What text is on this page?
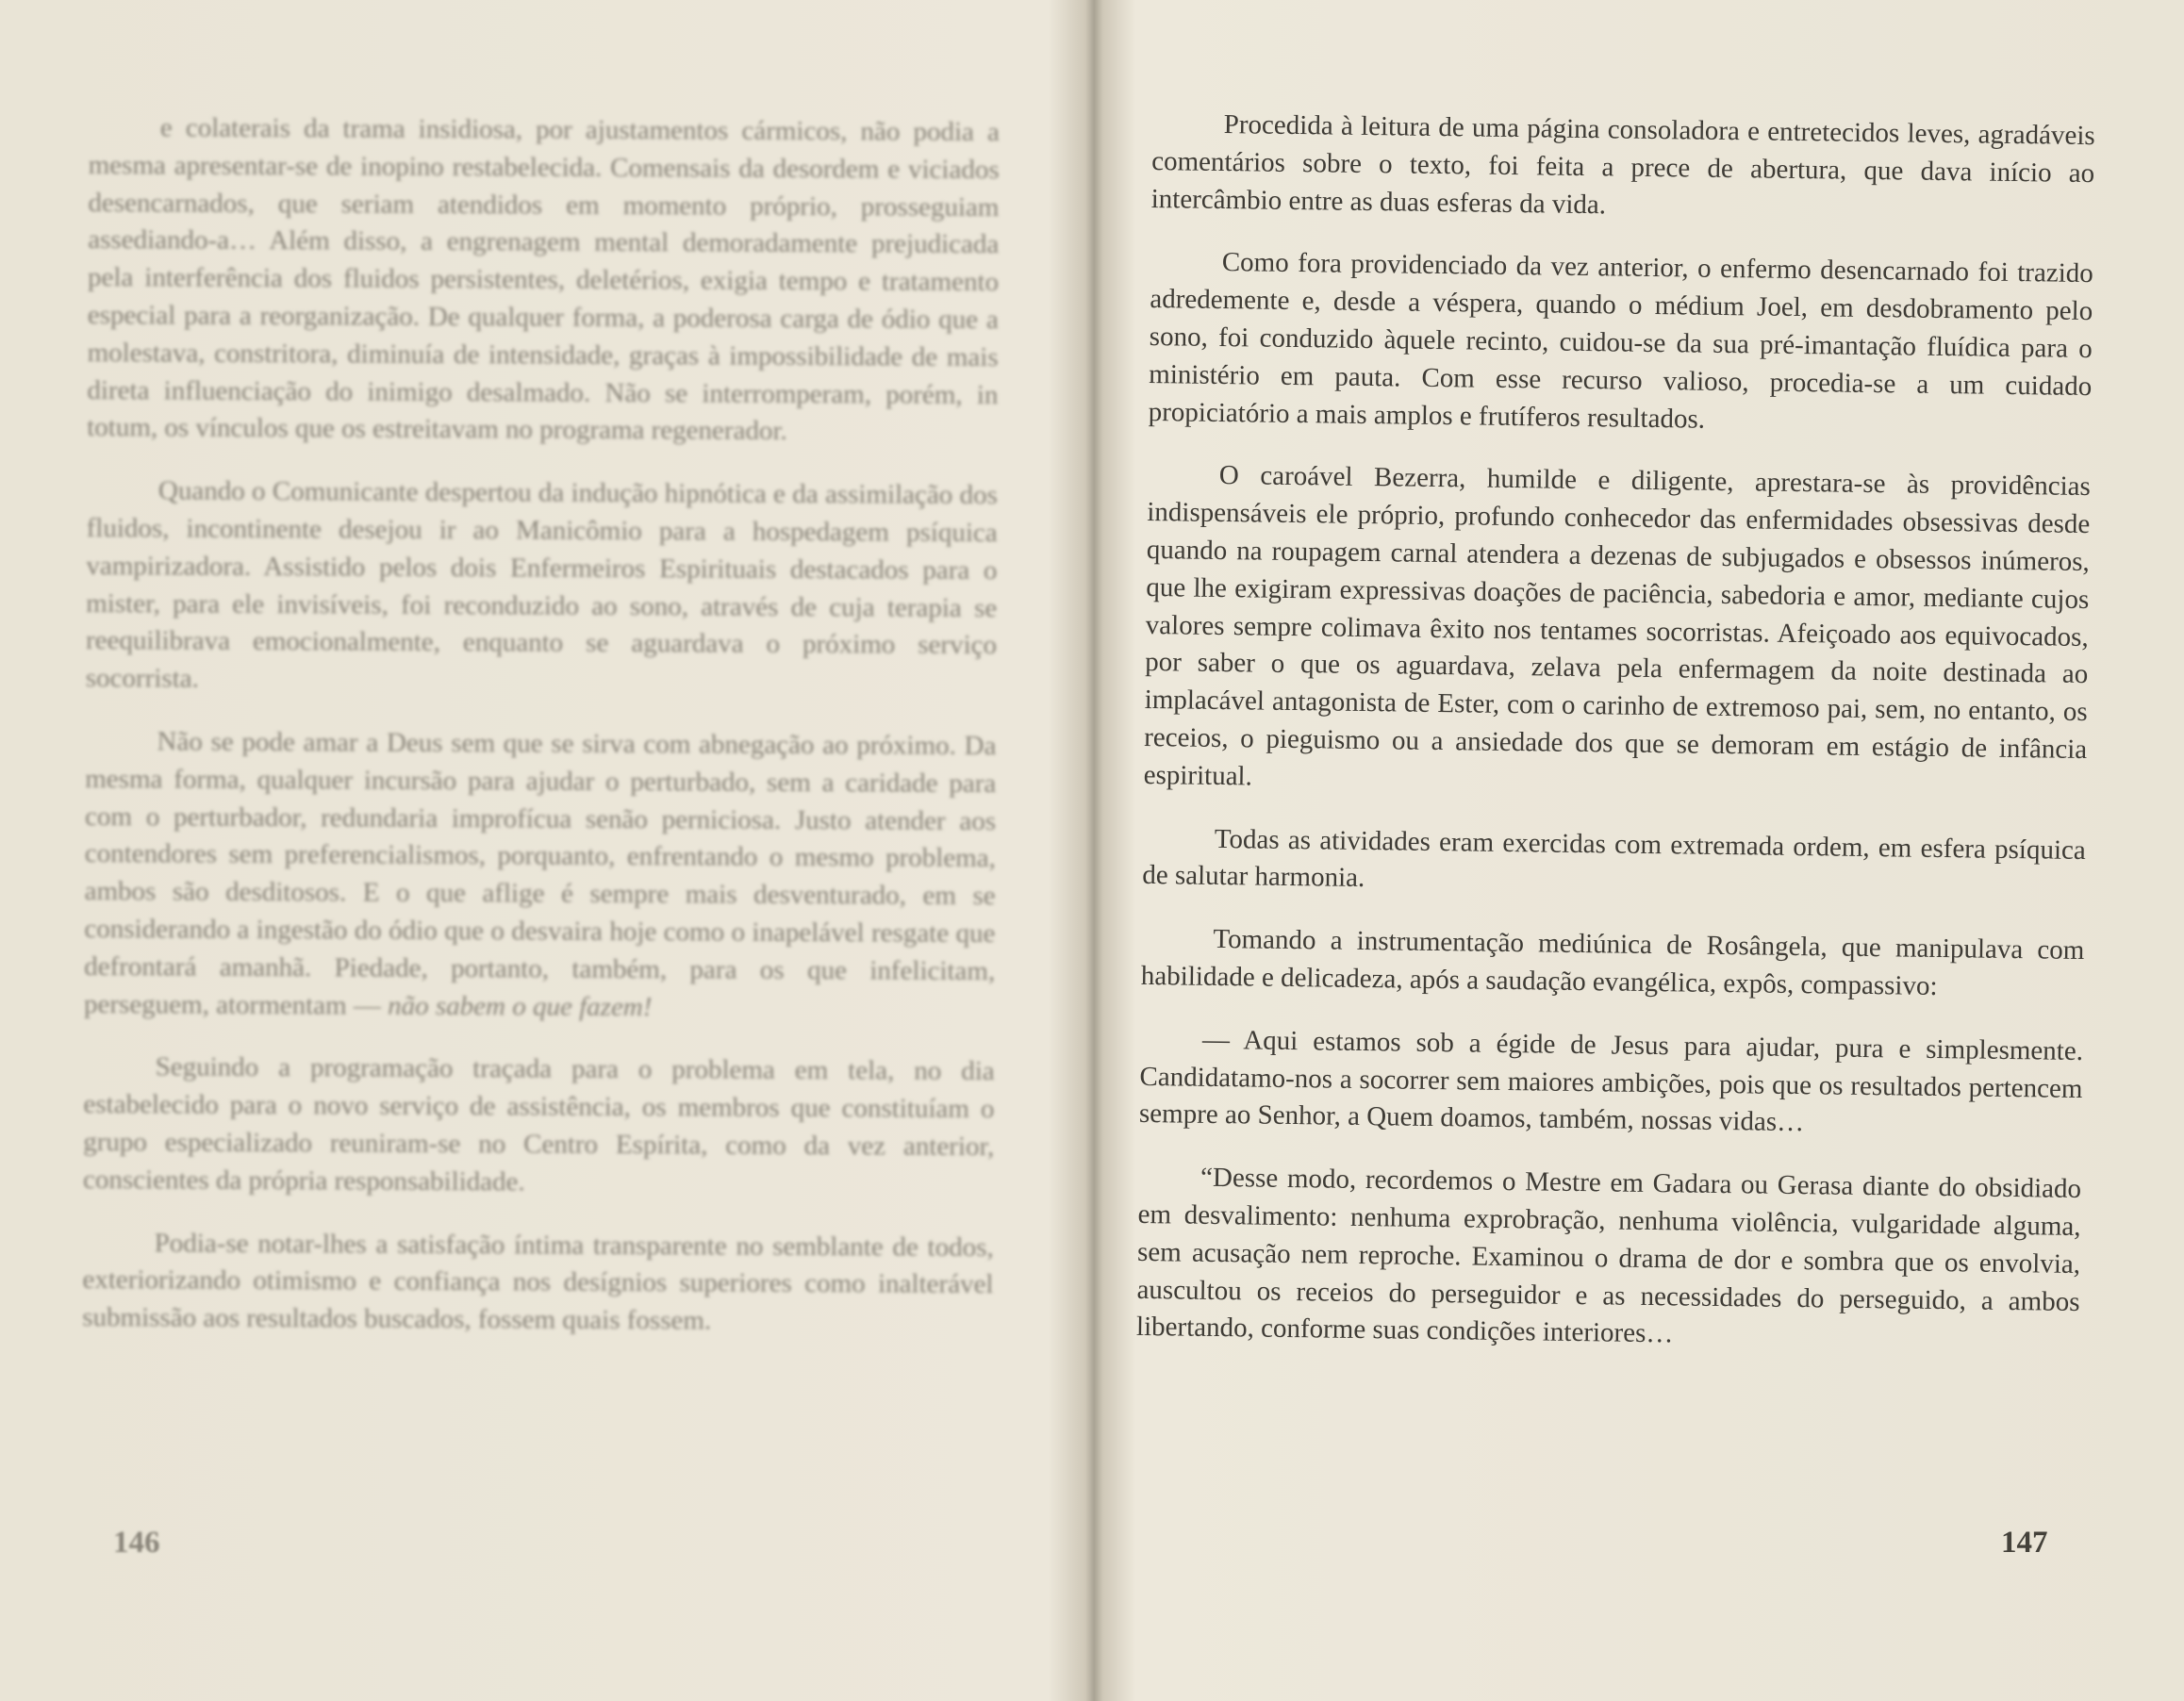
e colaterais da trama insidiosa, por ajustamentos cármicos, não podia a mesma apresentar-se de inopino restabelecida. Comensais da desordem e viciados desencarnados, que seriam atendidos em momento próprio, prosseguiam assediando-a… Além disso, a engrenagem mental demoradamente prejudicada pela interferência dos fluidos persistentes, deletérios, exigia tempo e tratamento especial para a reorganização. De qualquer forma, a poderosa carga de ódio que a molestava, constritora, diminuía de intensidade, graças à impossibilidade de mais direta influenciação do inimigo desalmado. Não se interromperam, porém, in totum, os vínculos que os estreitavam no programa regenerador.

Quando o Comunicante despertou da indução hipnótica e da assimilação dos fluidos, incontinente desejou ir ao Manicômio para a hospedagem psíquica vampirizadora. Assistido pelos dois Enfermeiros Espirituais destacados para o mister, para ele invisíveis, foi reconduzido ao sono, através de cuja terapia se reequilibrava emocionalmente, enquanto se aguardava o próximo serviço socorrista.

Não se pode amar a Deus sem que se sirva com abnegação ao próximo. Da mesma forma, qualquer incursão para ajudar o perturbado, sem a caridade para com o perturbador, redundaria improfícua senão perniciosa. Justo atender aos contendores sem preferencialismos, porquanto, enfrentando o mesmo problema, ambos são desditosos. E o que aflige é sempre mais desventurado, em se considerando a ingestão do ódio que o desvaira hoje como o inapelável resgate que defrontará amanhã. Piedade, portanto, também, para os que infelicitam, perseguem, atormentam — não sabem o que fazem!

Seguindo a programação traçada para o problema em tela, no dia estabelecido para o novo serviço de assistência, os membros que constituíam o grupo especializado reuniram-se no Centro Espírita, como da vez anterior, conscientes da própria responsabilidade.

Podia-se notar-lhes a satisfação íntima transparente no semblante de todos, exteriorizando otimismo e confiança nos desígnios superiores como inalterável submissão aos resultados buscados, fossem quais fossem.

146

Procedida à leitura de uma página consoladora e entretecidos leves, agradáveis comentários sobre o texto, foi feita a prece de abertura, que dava início ao intercâmbio entre as duas esferas da vida.

Como fora providenciado da vez anterior, o enfermo desencarnado foi trazido adredemente e, desde a véspera, quando o médium Joel, em desdobramento pelo sono, foi conduzido àquele recinto, cuidou-se da sua pré-imantação fluídica para o ministério em pauta. Com esse recurso valioso, procedia-se a um cuidado propiciatório a mais amplos e frutíferos resultados.

O caroável Bezerra, humilde e diligente, aprestara-se às providências indispensáveis ele próprio, profundo conhecedor das enfermidades obsessivas desde quando na roupagem carnal atendera a dezenas de subjugados e obsessos inúmeros, que lhe exigiram expressivas doações de paciência, sabedoria e amor, mediante cujos valores sempre colimava êxito nos tentames socorristas. Afeiçoado aos equivocados, por saber o que os aguardava, zelava pela enfermagem da noite destinada ao implacável antagonista de Ester, com o carinho de extremoso pai, sem, no entanto, os receios, o pieguismo ou a ansiedade dos que se demoram em estágio de infância espiritual.

Todas as atividades eram exercidas com extremada ordem, em esfera psíquica de salutar harmonia.

Tomando a instrumentação mediúnica de Rosângela, que manipulava com habilidade e delicadeza, após a saudação evangélica, expôs, compassivo:

— Aqui estamos sob a égide de Jesus para ajudar, pura e simplesmente. Candidatamo-nos a socorrer sem maiores ambições, pois que os resultados pertencem sempre ao Senhor, a Quem doamos, também, nossas vidas…

“Desse modo, recordemos o Mestre em Gadara ou Gerasa diante do obsidiado em desvalimento: nenhuma exprobração, nenhuma violência, vulgaridade alguma, sem acusação nem reproche. Examinou o drama de dor e sombra que os envolvia, auscultou os receios do perseguidor e as necessidades do perseguido, a ambos libertando, conforme suas condições interiores…

147
